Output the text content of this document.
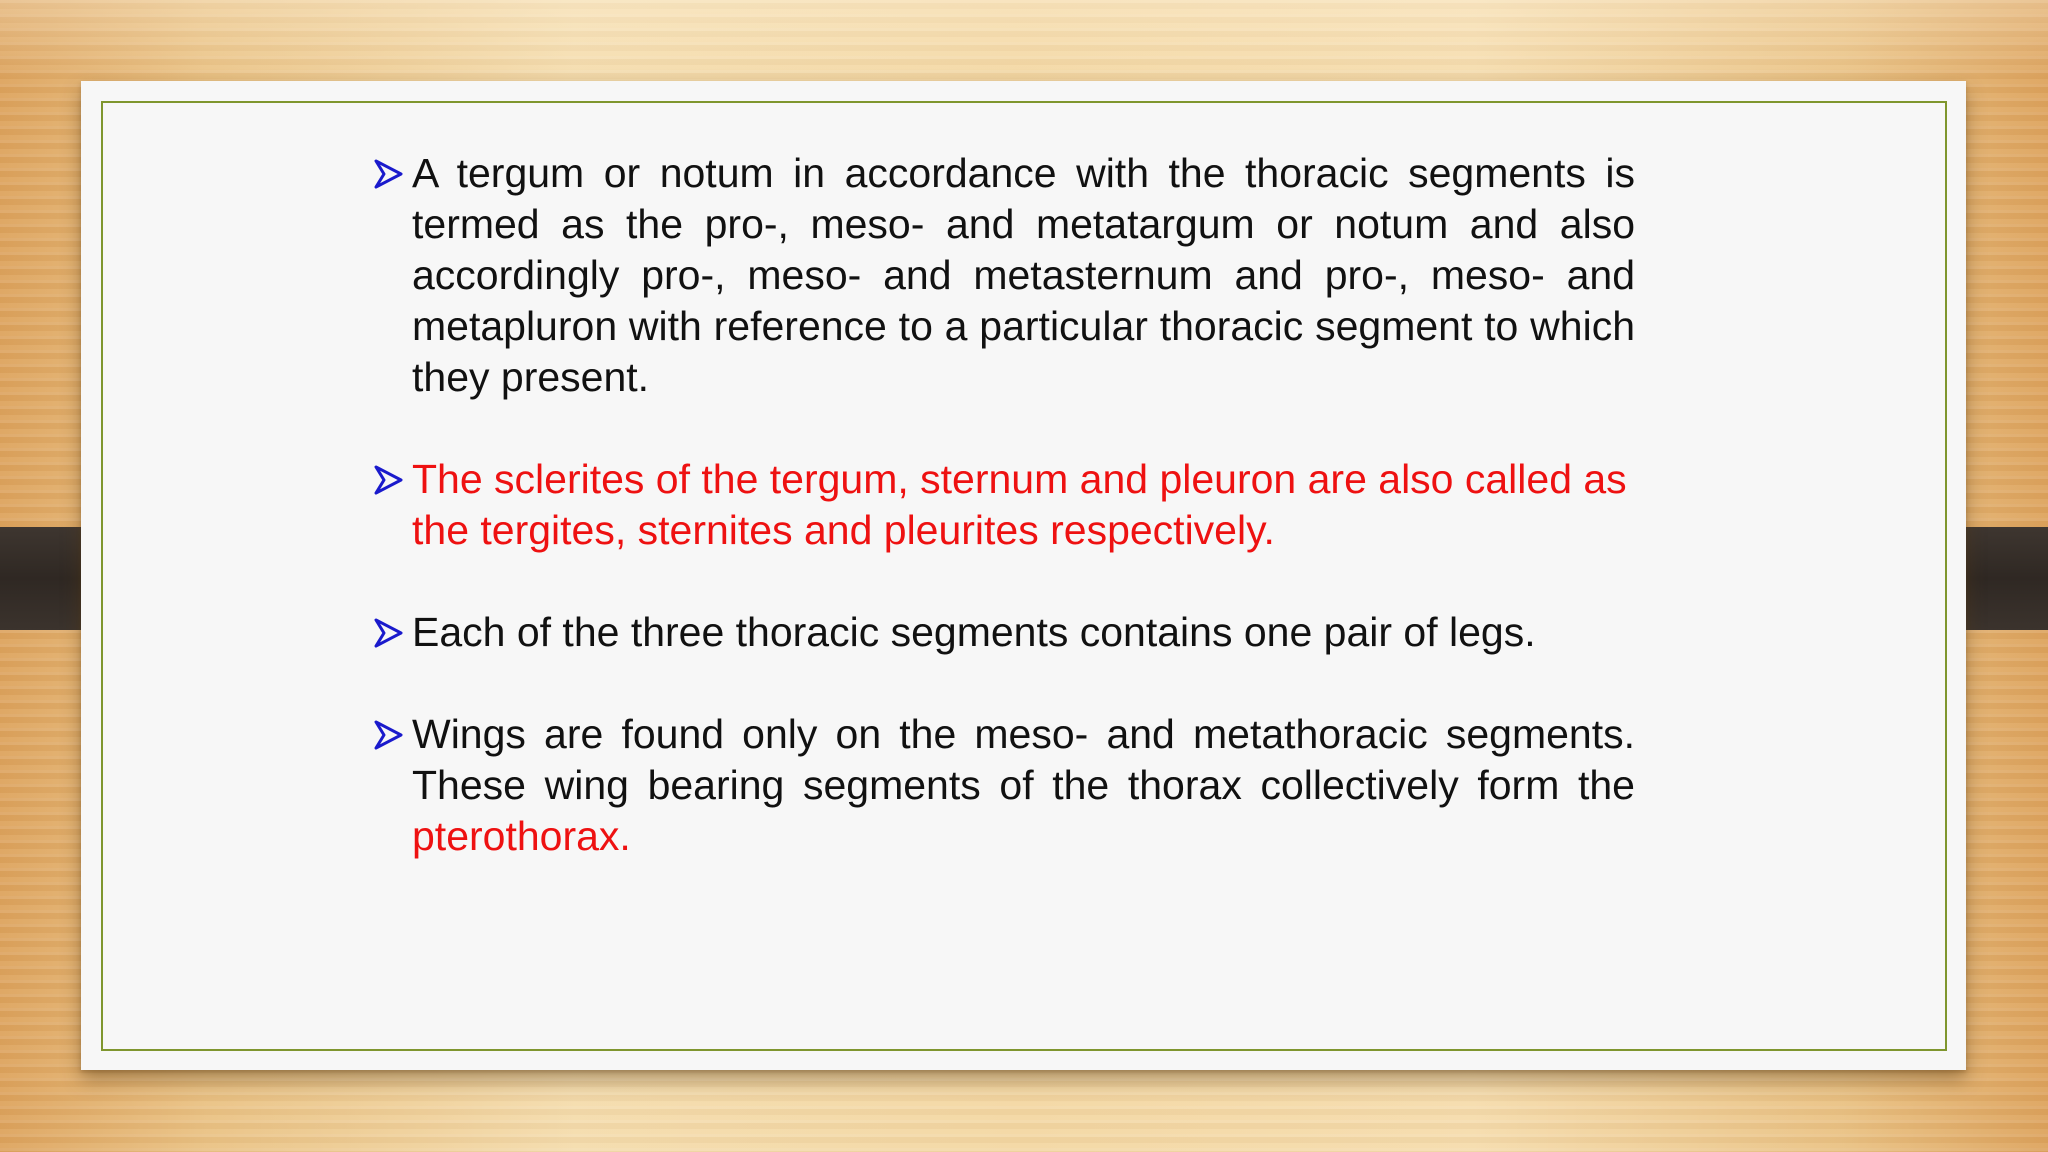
A tergum or notum in accordance with the thoracic segments is termed as the pro-, meso- and metatargum or notum and also accordingly pro-, meso- and metasternum and pro-, meso- and metapluron with reference to a particular thoracic segment to which they present.
The sclerites of the tergum, sternum and pleuron are also called as the tergites, sternites and pleurites respectively.
Each of the three thoracic segments contains one pair of legs.
Wings are found only on the meso- and metathoracic segments. These wing bearing segments of the thorax collectively form the pterothorax.
